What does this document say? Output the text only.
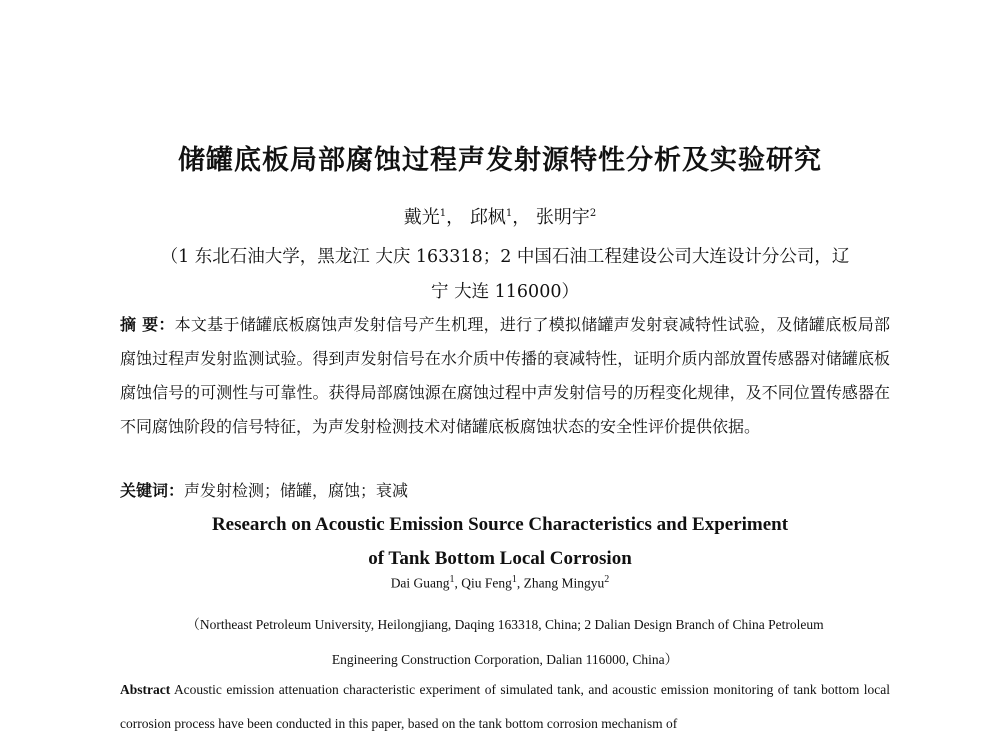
储罐底板局部腐蚀过程声发射源特性分析及实验研究
戴光$^1$， 邱枫$^1$， 张明宇$^2$
（1 东北石油大学，黑龙江 大庆 163318；2 中国石油工程建设公司大连设计分公司，辽
宁 大连 116000）
摘 要：本文基于储罐底板腐蚀声发射信号产生机理，进行了模拟储罐声发射衰减特性试验，及储罐底板局部腐蚀过程声发射监测试验。得到声发射信号在水介质中传播的衰减特性，证明介质内部放置传感器对储罐底板腐蚀信号的可测性与可靠性。获得局部腐蚀源在腐蚀过程中声发射信号的历程变化规律，及不同位置传感器在不同腐蚀阶段的信号特征，为声发射检测技术对储罐底板腐蚀状态的安全性评价提供依据。
关键词：声发射检测；储罐，腐蚀；衰减
Research on Acoustic Emission Source Characteristics and Experiment
of Tank Bottom Local Corrosion
Dai Guang$^1$, Qiu Feng$^1$, Zhang Mingyu$^2$
（Northeast Petroleum University, Heilongjiang, Daqing 163318, China; 2 Dalian Design Branch of China Petroleum
Engineering Construction Corporation, Dalian 116000, China）
Abstract Acoustic emission attenuation characteristic experiment of simulated tank, and acoustic emission monitoring of tank bottom local corrosion process have been conducted in this paper, based on the tank bottom corrosion mechanism of
